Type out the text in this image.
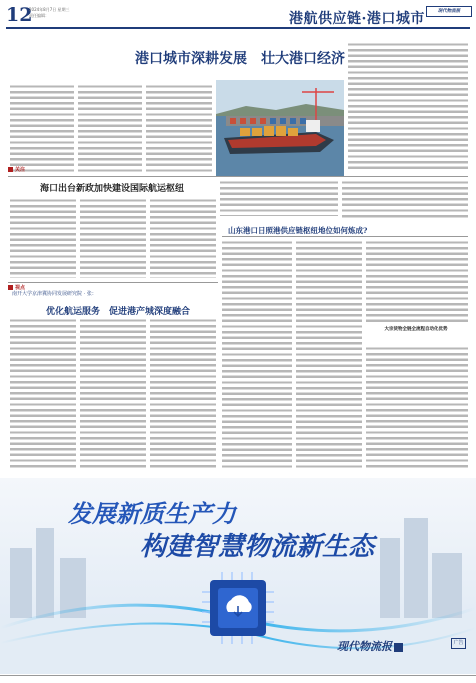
12
2024年8月7日 星期三
责任编辑：	港航供应链·港口城市	现代物流报
港口城市深耕发展　壮大港口经济
关注
海口出台新政加快建设国际航运枢纽
视点
南开大学京津冀协同发展研究院 · 张：
优化航运服务　促进港产城深度融合
山东港口日照港供应链枢纽地位如何炼成?
大宗货物全链全流程自动化优势
发展新质生产力
构建智慧物流新生态
现代物流报	广告
